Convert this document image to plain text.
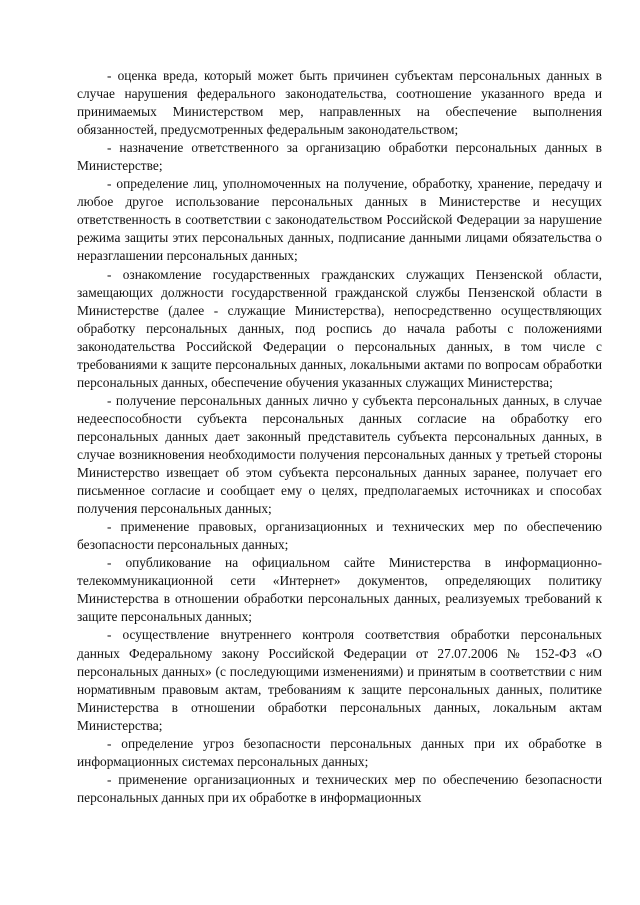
- оценка вреда, который может быть причинен субъектам персональных данных в случае нарушения федерального законодательства, соотношение указанного вреда и принимаемых Министерством мер, направленных на обеспечение выполнения обязанностей, предусмотренных федеральным законодательством;

- назначение ответственного за организацию обработки персональных данных в Министерстве;

- определение лиц, уполномоченных на получение, обработку, хранение, передачу и любое другое использование персональных данных в Министерстве и несущих ответственность в соответствии с законодательством Российской Федерации за нарушение режима защиты этих персональных данных, подписание данными лицами обязательства о неразглашении персональных данных;

- ознакомление государственных гражданских служащих Пензенской области, замещающих должности государственной гражданской службы Пензенской области в Министерстве (далее - служащие Министерства), непосредственно осуществляющих обработку персональных данных, под роспись до начала работы с положениями законодательства Российской Федерации о персональных данных, в том числе с требованиями к защите персональных данных, локальными актами по вопросам обработки персональных данных, обеспечение обучения указанных служащих Министерства;

- получение персональных данных лично у субъекта персональных данных, в случае недееспособности субъекта персональных данных согласие на обработку его персональных данных дает законный представитель субъекта персональных данных, в случае возникновения необходимости получения персональных данных у третьей стороны Министерство извещает об этом субъекта персональных данных заранее, получает его письменное согласие и сообщает ему о целях, предполагаемых источниках и способах получения персональных данных;

- применение правовых, организационных и технических мер по обеспечению безопасности персональных данных;

- опубликование на официальном сайте Министерства в информационно-телекоммуникационной сети «Интернет» документов, определяющих политику Министерства в отношении обработки персональных данных, реализуемых требований к защите персональных данных;

- осуществление внутреннего контроля соответствия обработки персональных данных Федеральному закону Российской Федерации от 27.07.2006 № 152-ФЗ «О персональных данных» (с последующими изменениями) и принятым в соответствии с ним нормативным правовым актам, требованиям к защите персональных данных, политике Министерства в отношении обработки персональных данных, локальным актам Министерства;

- определение угроз безопасности персональных данных при их обработке в информационных системах персональных данных;

- применение организационных и технических мер по обеспечению безопасности персональных данных при их обработке в информационных
